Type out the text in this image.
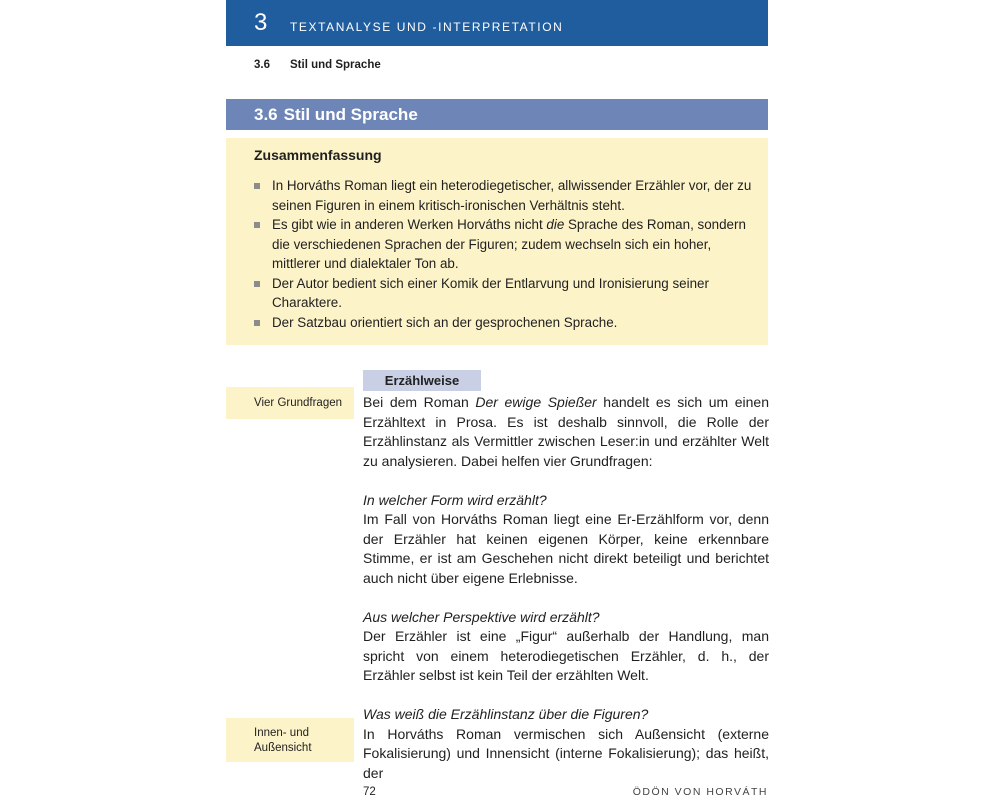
3 TEXTANALYSE UND -INTERPRETATION
3.6 Stil und Sprache
3.6 Stil und Sprache
Zusammenfassung
In Horváths Roman liegt ein heterodiegetischer, allwissender Erzähler vor, der zu seinen Figuren in einem kritisch-ironischen Verhältnis steht.
Es gibt wie in anderen Werken Horváths nicht die Sprache des Roman, sondern die verschiedenen Sprachen der Figuren; zudem wechseln sich ein hoher, mittlerer und dialektaler Ton ab.
Der Autor bedient sich einer Komik der Entlarvung und Ironisierung seiner Charaktere.
Der Satzbau orientiert sich an der gesprochenen Sprache.
Vier Grundfragen
Innen- und
Außensicht
Erzählweise

Bei dem Roman Der ewige Spießer handelt es sich um einen Erzähltext in Prosa. Es ist deshalb sinnvoll, die Rolle der Erzählinstanz als Vermittler zwischen Leser:in und erzählter Welt zu analysieren. Dabei helfen vier Grundfragen:

In welcher Form wird erzählt?

Im Fall von Horváths Roman liegt eine Er-Erzählform vor, denn der Erzähler hat keinen eigenen Körper, keine erkennbare Stimme, er ist am Geschehen nicht direkt beteiligt und berichtet auch nicht über eigene Erlebnisse.

Aus welcher Perspektive wird erzählt?

Der Erzähler ist eine „Figur“ außerhalb der Handlung, man spricht von einem heterodiegetischen Erzähler, d. h., der Erzähler selbst ist kein Teil der erzählten Welt.

Was weiß die Erzählinstanz über die Figuren?

In Horváths Roman vermischen sich Außensicht (externe Fokalisierung) und Innensicht (interne Fokalisierung); das heißt, der

72	ÖDÖN VON HORVÁTH
